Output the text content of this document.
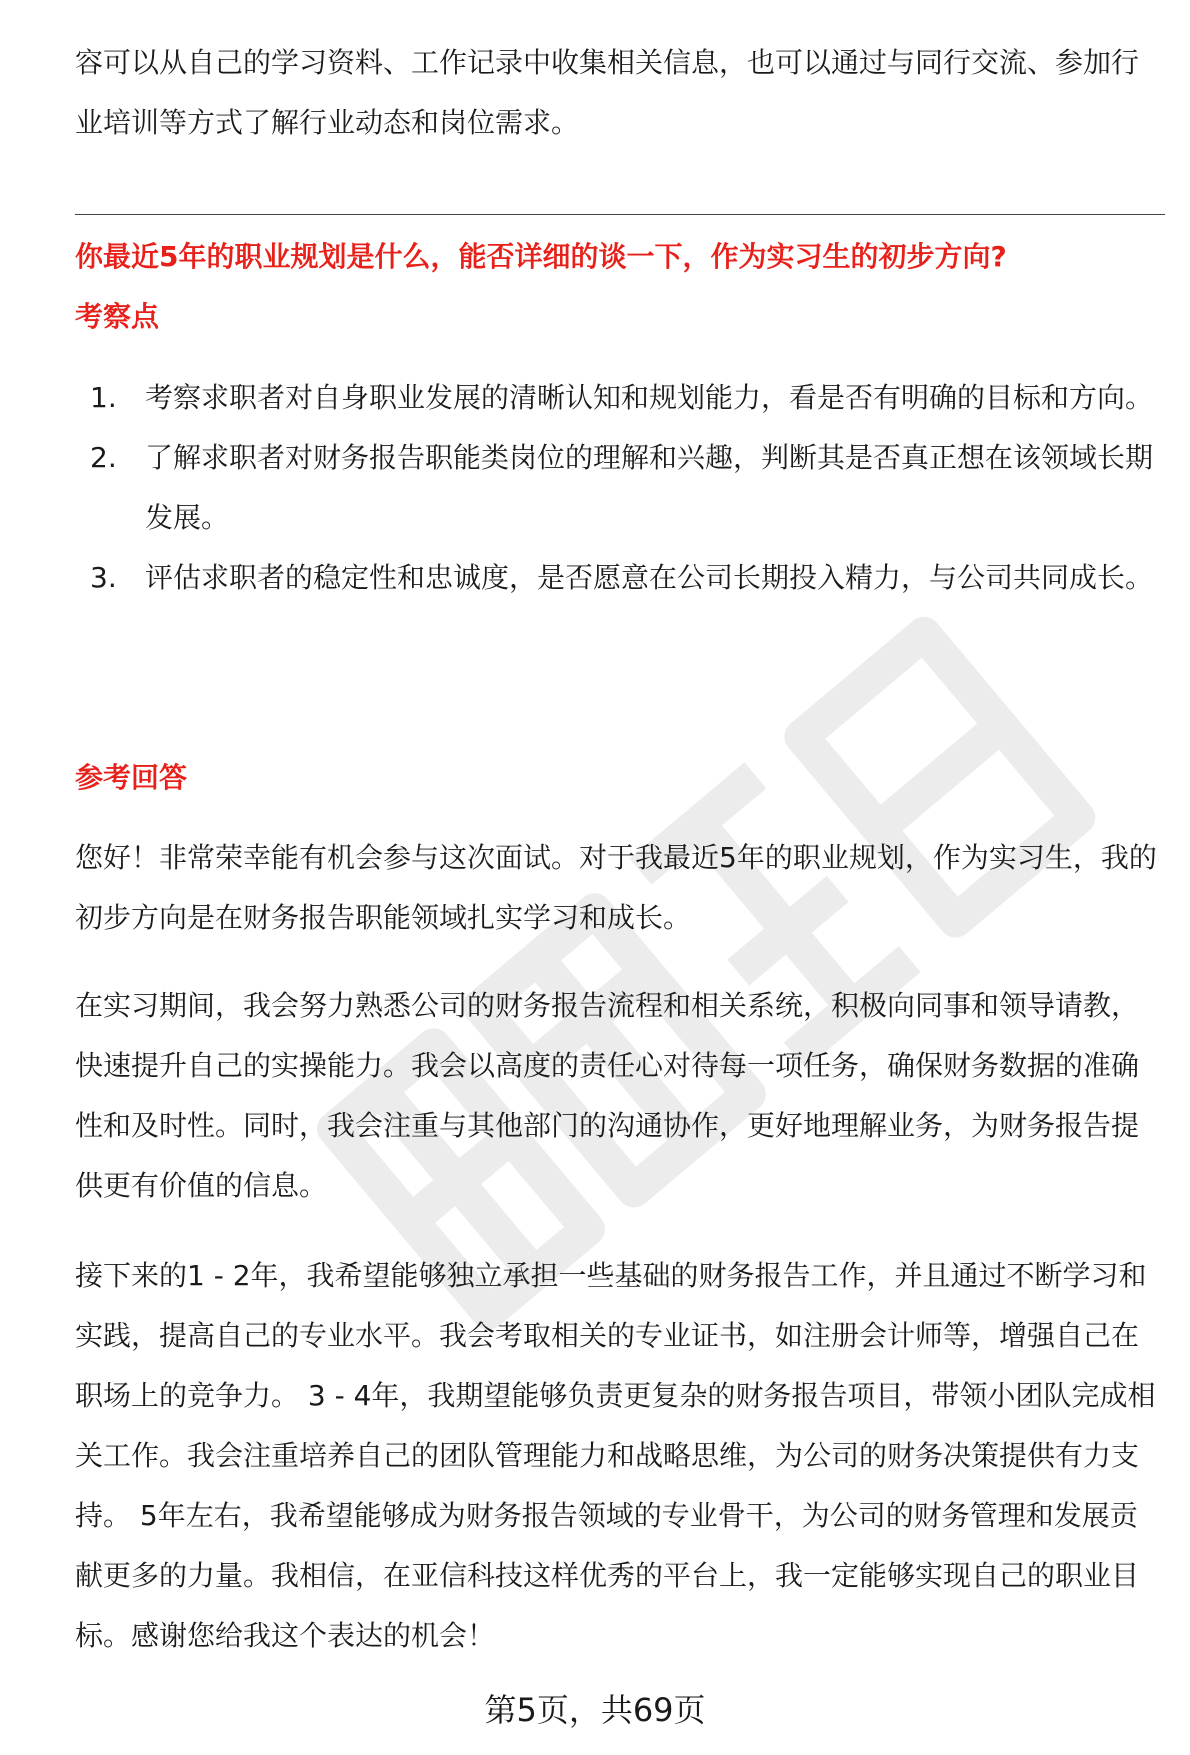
容可以从自己的学习资料、工作记录中收集相关信息，也可以通过与同行交流、参加行业培训等方式了解行业动态和岗位需求。

你最近5年的职业规划是什么，能否详细的谈一下，作为实习生的初步方向?

考察点

1.	考察求职者对自身职业发展的清晰认知和规划能力，看是否有明确的目标和方向。
2.	了解求职者对财务报告职能类岗位的理解和兴趣，判断其是否真正想在该领域长期发展。
3.	评估求职者的稳定性和忠诚度，是否愿意在公司长期投入精力，与公司共同成长。

参考回答

您好！非常荣幸能有机会参与这次面试。对于我最近5年的职业规划，作为实习生，我的初步方向是在财务报告职能领域扎实学习和成长。

在实习期间，我会努力熟悉公司的财务报告流程和相关系统，积极向同事和领导请教，快速提升自己的实操能力。我会以高度的责任心对待每一项任务，确保财务数据的准确性和及时性。同时，我会注重与其他部门的沟通协作，更好地理解业务，为财务报告提供更有价值的信息。

接下来的1 - 2年，我希望能够独立承担一些基础的财务报告工作，并且通过不断学习和实践，提高自己的专业水平。我会考取相关的专业证书，如注册会计师等，增强自己在职场上的竞争力。 3 - 4年，我期望能够负责更复杂的财务报告项目，带领小团队完成相关工作。我会注重培养自己的团队管理能力和战略思维，为公司的财务决策提供有力支持。 5年左右，我希望能够成为财务报告领域的专业骨干，为公司的财务管理和发展贡献更多的力量。我相信，在亚信科技这样优秀的平台上，我一定能够实现自己的职业目标。感谢您给我这个表达的机会！

第5页，共69页
